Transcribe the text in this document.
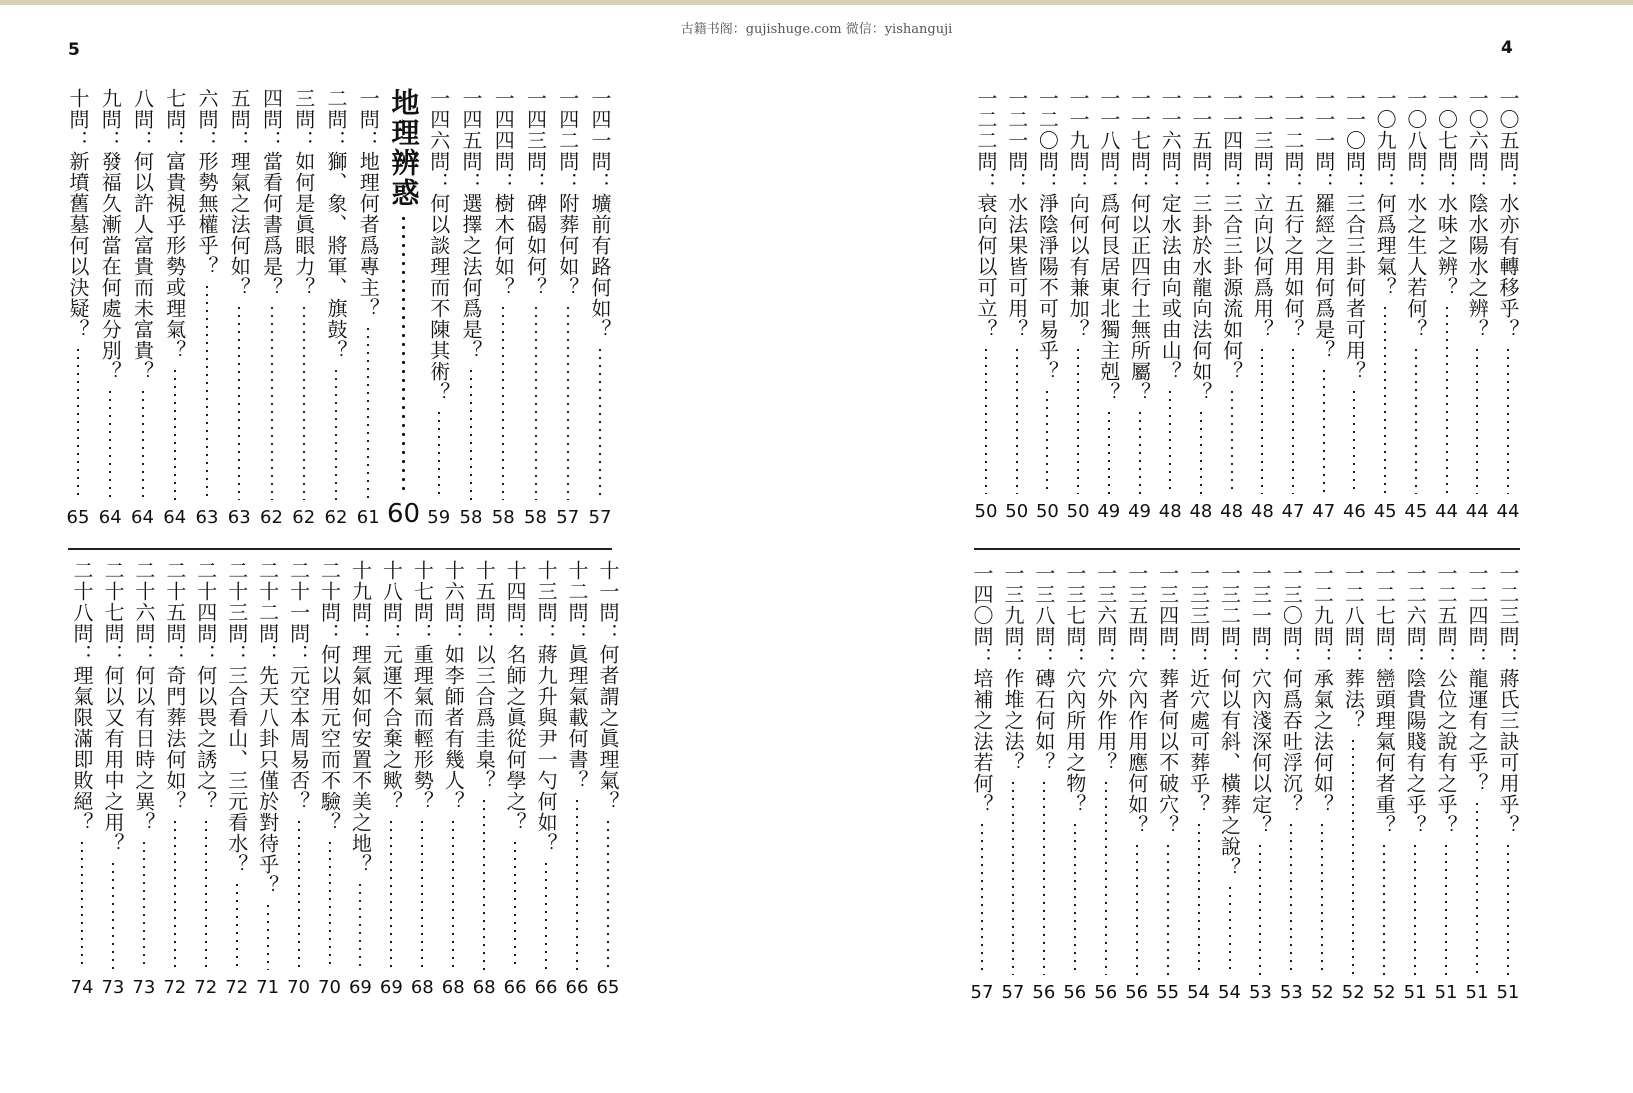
古籍书阁：gujishuge.com 微信：yishanguji
5	4
一四一問：壙前有路何如？
57
一四二問：附葬何如？
57
一四三問：碑碣如何？
58
一四四問：樹木何如？
58
一四五問：選擇之法何爲是？
58
一四六問：何以談理而不陳其術？
59
地理辨惑
60
一問：地理何者爲專主？
61
二問：獅、象、將軍、旗鼓？
62
三問：如何是眞眼力？
62
四問：當看何書爲是？
62
五問：理氣之法何如？
63
六問：形勢無權乎？
63
七問：富貴視乎形勢或理氣？
64
八問：何以許人富貴而未富貴？
64
九問：發福久漸當在何處分別？
64
十問：新墳舊墓何以決疑？
65
十一問：何者謂之眞理氣？
65
十二問：眞理氣載何書？
66
十三問：蔣九升與尹一勺何如？
66
十四問：名師之眞從何學之？
66
十五問：以三合爲圭臬？
68
十六問：如李師者有幾人？
68
十七問：重理氣而輕形勢？
68
十八問：元運不合棄之歟？
69
十九問：理氣如何安置不美之地？
69
二十問：何以用元空而不驗？
70
二十一問：元空本周易否？
70
二十二問：先天八卦只僅於對待乎？
71
二十三問：三合看山、三元看水？
72
二十四問：何以畏之誘之？
72
二十五問：奇門葬法何如？
72
二十六問：何以有日時之異？
73
二十七問：何以又有用中之用？
73
二十八問：理氣限滿即敗絕？
74
一〇五問：水亦有轉移乎？
44
一〇六問：陰水陽水之辨？
44
一〇七問：水味之辨？
44
一〇八問：水之生人若何？
45
一〇九問：何爲理氣？
45
一一〇問：三合三卦何者可用？
46
一一一問：羅經之用何爲是？
47
一一二問：五行之用如何？
47
一一三問：立向以何爲用？
48
一一四問：三合三卦源流如何？
48
一一五問：三卦於水龍向法何如？
48
一一六問：定水法由向或由山？
48
一一七問：何以正四行土無所屬？
49
一一八問：爲何艮居東北獨主剋？
49
一一九問：向何以有兼加？
50
一二〇問：淨陰淨陽不可易乎？
50
一二一問：水法果皆可用？
50
一二二問：衰向何以可立？
50
一二三問：蔣氏三訣可用乎？
51
一二四問：龍運有之乎？
51
一二五問：公位之說有之乎？
51
一二六問：陰貴陽賤有之乎？
51
一二七問：巒頭理氣何者重？
52
一二八問：葬法？
52
一二九問：承氣之法何如？
52
一三〇問：何爲吞吐浮沉？
53
一三一問：穴內淺深何以定？
53
一三二問：何以有斜、橫葬之說？
54
一三三問：近穴處可葬乎？
54
一三四問：葬者何以不破穴？
55
一三五問：穴內作用應何如？
56
一三六問：穴外作用？
56
一三七問：穴內所用之物？
56
一三八問：磚石何如？
56
一三九問：作堆之法？
57
一四〇問：培補之法若何？
57
